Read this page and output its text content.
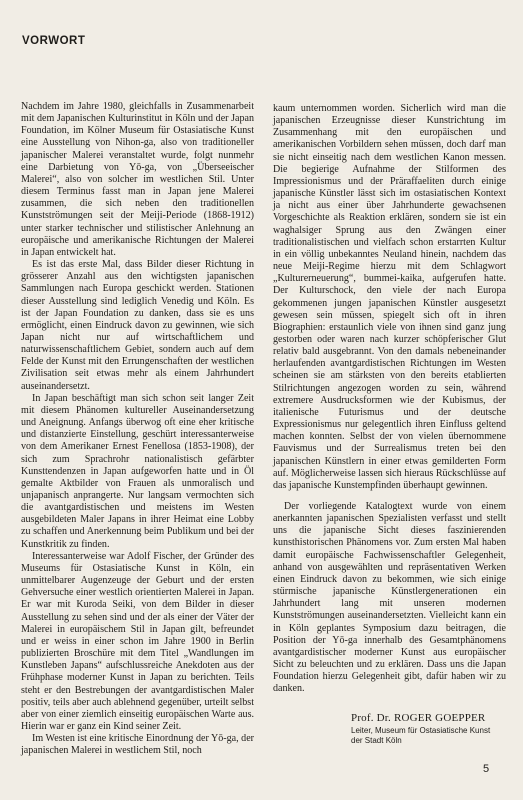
VORWORT

Nachdem im Jahre 1980, gleichfalls in Zusammenarbeit mit dem Japanischen Kulturinstitut in Köln und der Japan Foundation, im Kölner Museum für Ostasiatische Kunst eine Ausstellung von Nihon-ga, also von traditioneller japanischer Malerei veranstaltet wurde, folgt nunmehr eine Darbietung von Yō-ga, von „Überseeischer Malerei“, also von solcher im westlichen Stil. Unter diesem Terminus fasst man in Japan jene Malerei zusammen, die sich neben den traditionellen Kunstströmungen seit der Meiji-Periode (1868-1912) unter starker technischer und stilistischer Anlehnung an europäische und amerikanische Richtungen der Malerei in Japan entwickelt hat.

Es ist das erste Mal, dass Bilder dieser Richtung in grösserer Anzahl aus den wichtigsten japanischen Sammlungen nach Europa geschickt werden. Stationen dieser Ausstellung sind lediglich Venedig und Köln. Es ist der Japan Foundation zu danken, dass sie es uns ermöglicht, einen Eindruck davon zu gewinnen, wie sich Japan nicht nur auf wirtschaftlichem und naturwissenschaftlichem Gebiet, sondern auch auf dem Felde der Kunst mit den Errungenschaften der westlichen Zivilisation seit etwas mehr als einem Jahrhundert auseinandersetzt.

In Japan beschäftigt man sich schon seit langer Zeit mit diesem Phänomen kultureller Auseinandersetzung und Aneignung. Anfangs überwog oft eine eher kritische und distanzierte Einstellung, geschürt interessanterweise von dem Amerikaner Ernest Fenellosa (1853-1908), der sich zum Sprachrohr nationalistisch gefärbter Kunsttendenzen in Japan aufgeworfen hatte und in Öl gemalte Aktbilder von Frauen als unmoralisch und unjapanisch anprangerte. Nur langsam vermochten sich die avantgardistischen und meistens im Westen ausgebildeten Maler Japans in ihrer Heimat eine Lobby zu schaffen und Anerkennung beim Publikum und bei der Kunstkritik zu finden.

Interessanterweise war Adolf Fischer, der Gründer des Museums für Ostasiatische Kunst in Köln, ein unmittelbarer Augenzeuge der Geburt und der ersten Gehversuche einer westlich orientierten Malerei in Japan. Er war mit Kuroda Seiki, von dem Bilder in dieser Ausstellung zu sehen sind und der als einer der Väter der Malerei in europäischem Stil in Japan gilt, befreundet und er weiss in einer schon im Jahre 1900 in Berlin publizierten Broschüre mit dem Titel „Wandlungen im Kunstleben Japans“ aufschlussreiche Anekdoten aus der Frühphase moderner Kunst in Japan zu berichten. Teils steht er den Bestrebungen der avantgardistischen Maler positiv, teils aber auch ablehnend gegenüber, urteilt selbst aber von einer ziemlich einseitig europäischen Warte aus. Hierin war er ganz ein Kind seiner Zeit.

Im Westen ist eine kritische Einordnung der Yō-ga, der japanischen Malerei in westlichem Stil, noch

kaum unternommen worden. Sicherlich wird man die japanischen Erzeugnisse dieser Kunstrichtung im Zusammenhang mit den europäischen und amerikanischen Vorbildern sehen müssen, doch darf man sie nicht einseitig nach dem westlichen Kanon messen. Die begierige Aufnahme der Stilformen des Impressionismus und der Präraffaeliten durch einige japanische Künstler lässt sich im ostasiatischen Kontext ja nicht aus einer über Jahrhunderte gewachsenen Vorgeschichte als Reaktion erklären, sondern sie ist ein waghalsiger Sprung aus den Zwängen einer traditionalistischen und vielfach schon erstarrten Kultur in ein völlig unbekanntes Neuland hinein, nachdem das neue Meiji-Regime hierzu mit dem Schlagwort „Kulturerneuerung“, bummei-kaika, aufgerufen hatte. Der Kulturschock, den viele der nach Europa gekommenen jungen japanischen Künstler ausgesetzt gewesen sein müssen, spiegelt sich oft in ihren Biographien: erstaunlich viele von ihnen sind ganz jung gestorben oder waren nach kurzer schöpferischer Glut relativ bald ausgebrannt. Von den damals nebeneinander herlaufenden avantgardistischen Richtungen im Westen scheinen sie am stärksten von den bereits etablierten Stilrichtungen angezogen worden zu sein, während extremere Ausdrucksformen wie der Kubismus, der italienische Futurismus und der deutsche Expressionismus nur gelegentlich ihren Einfluss geltend machen konnten. Selbst der von vielen übernommene Fauvismus und der Surrealismus treten bei den japanischen Künstlern in einer etwas gemilderten Form auf. Möglicherweise lassen sich hieraus Rückschlüsse auf das japanische Kunstempfinden überhaupt gewinnen.

Der vorliegende Katalogtext wurde von einem anerkannten japanischen Spezialisten verfasst und stellt uns die japanische Sicht dieses faszinierenden kunsthistorischen Phänomens vor. Zum ersten Mal haben damit europäische Fachwissenschaftler Gelegenheit, anhand von ausgewählten und repräsentativen Werken einen Eindruck davon zu bekommen, wie sich einige stürmische japanische Künstlergenerationen ein Jahrhundert lang mit unseren modernen Kunstströmungen auseinandersetzten. Vielleicht kann ein in Köln geplantes Symposium dazu beitragen, die Position der Yō-ga innerhalb des Gesamtphänomens avantgardistischer moderner Kunst aus europäischer Sicht zu beleuchten und zu erklären. Dass uns die Japan Foundation hierzu Gelegenheit gibt, dafür haben wir zu danken.

Prof. Dr. ROGER GOEPPER
Leiter, Museum für Ostasiatische Kunst
der Stadt Köln
5
